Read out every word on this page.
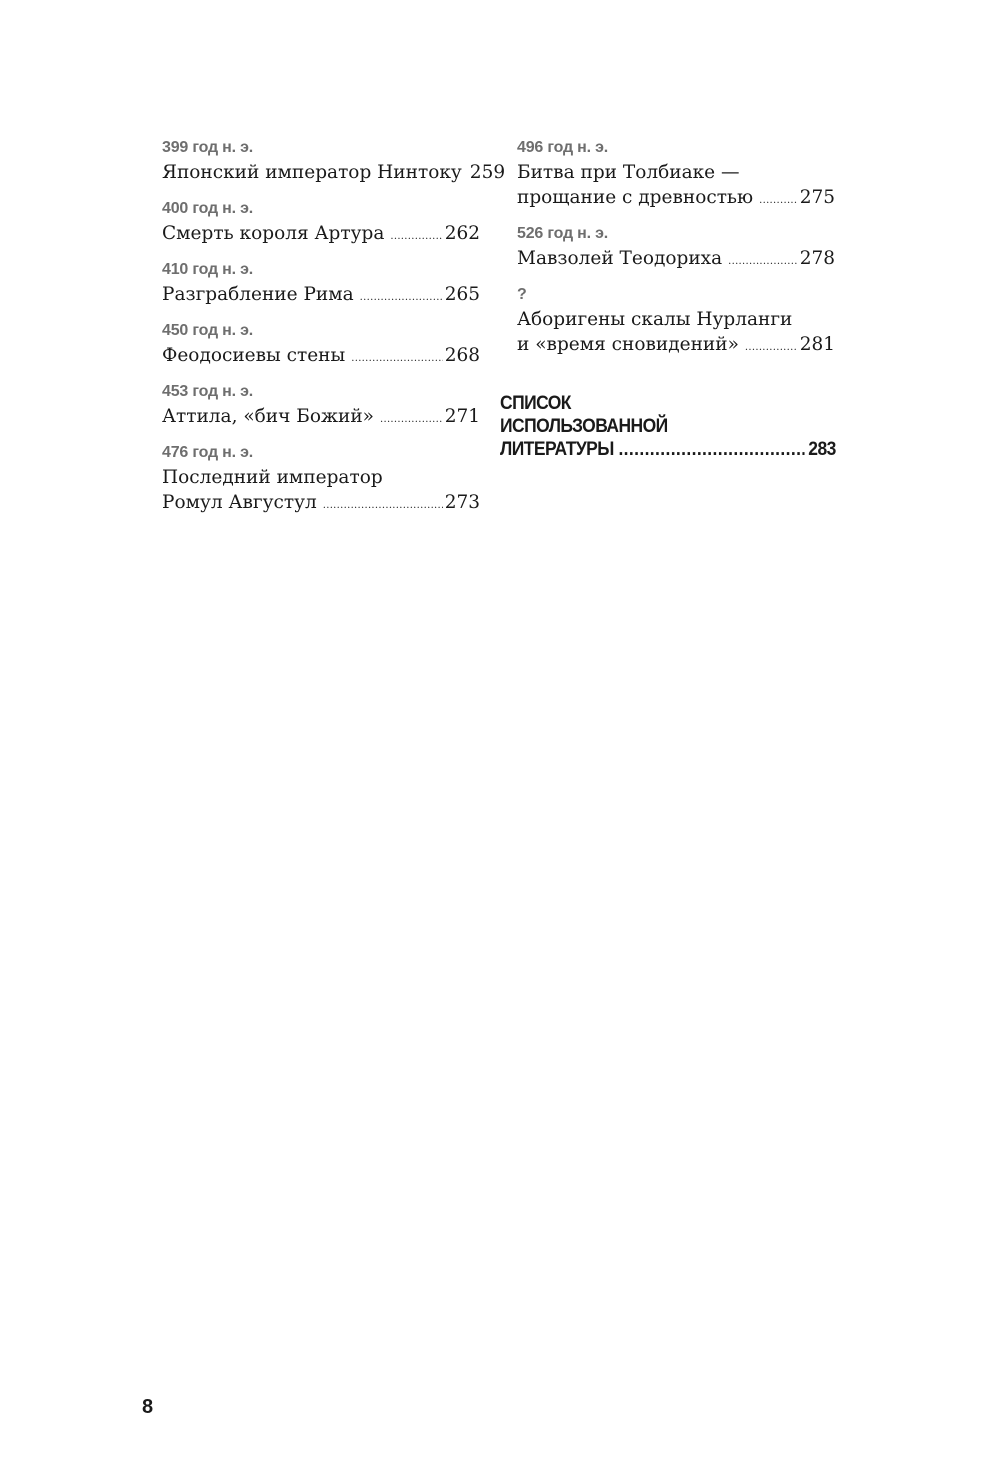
399 год н. э.
Японский император Нинтоку 259
400 год н. э.
Смерть короля Артура .....	262
410 год н. э.
Разграбление Рима .....	265
450 год н. э.
Феодосиевы стены .....	268
453 год н. э.
Аттила, «бич Божий» .....	271
476 год н. э.
Последний император
Ромул Августул .....	273
496 год н. э.
Битва при Толбиаке —
прощание с древностью .....	275
526 год н. э.
Мавзолей Теодориха .....	278
?
Аборигены скалы Нурланги
и «время сновидений» .....	281
СПИСОК
ИСПОЛЬЗОВАННОЙ
ЛИТЕРАТУРЫ .....	283
8
